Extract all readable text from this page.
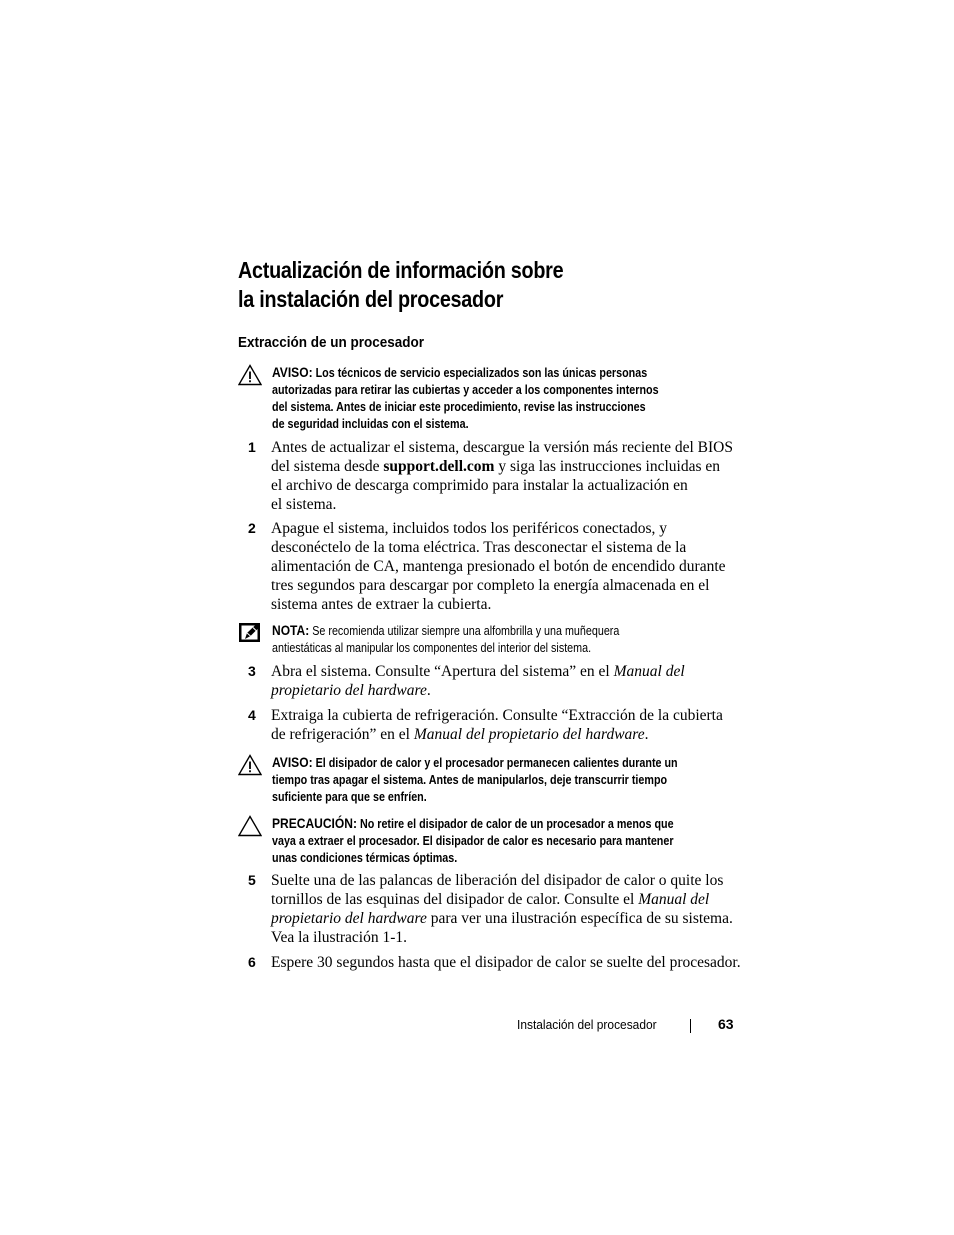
Actualización de información sobre
la instalación del procesador
Extracción de un procesador
AVISO: Los técnicos de servicio especializados son las únicas personas
autorizadas para retirar las cubiertas y acceder a los componentes internos
del sistema. Antes de iniciar este procedimiento, revise las instrucciones
de seguridad incluidas con el sistema.
1 Antes de actualizar el sistema, descargue la versión más reciente del BIOS
del sistema desde support.dell.com y siga las instrucciones incluidas en
el archivo de descarga comprimido para instalar la actualización en
el sistema.
2 Apague el sistema, incluidos todos los periféricos conectados, y
desconéctelo de la toma eléctrica. Tras desconectar el sistema de la
alimentación de CA, mantenga presionado el botón de encendido durante
tres segundos para descargar por completo la energía almacenada en el
sistema antes de extraer la cubierta.
NOTA: Se recomienda utilizar siempre una alfombrilla y una muñequera
antiestáticas al manipular los componentes del interior del sistema.
3 Abra el sistema. Consulte “Apertura del sistema” en el Manual del
propietario del hardware.
4 Extraiga la cubierta de refrigeración. Consulte “Extracción de la cubierta
de refrigeración” en el Manual del propietario del hardware.
AVISO: El disipador de calor y el procesador permanecen calientes durante un
tiempo tras apagar el sistema. Antes de manipularlos, deje transcurrir tiempo
suficiente para que se enfríen.
PRECAUCIÓN: No retire el disipador de calor de un procesador a menos que
vaya a extraer el procesador. El disipador de calor es necesario para mantener
unas condiciones térmicas óptimas.
5 Suelte una de las palancas de liberación del disipador de calor o quite los
tornillos de las esquinas del disipador de calor. Consulte el Manual del
propietario del hardware para ver una ilustración específica de su sistema.
Vea la ilustración 1-1.
6 Espere 30 segundos hasta que el disipador de calor se suelte del procesador.
Instalación del procesador	63
